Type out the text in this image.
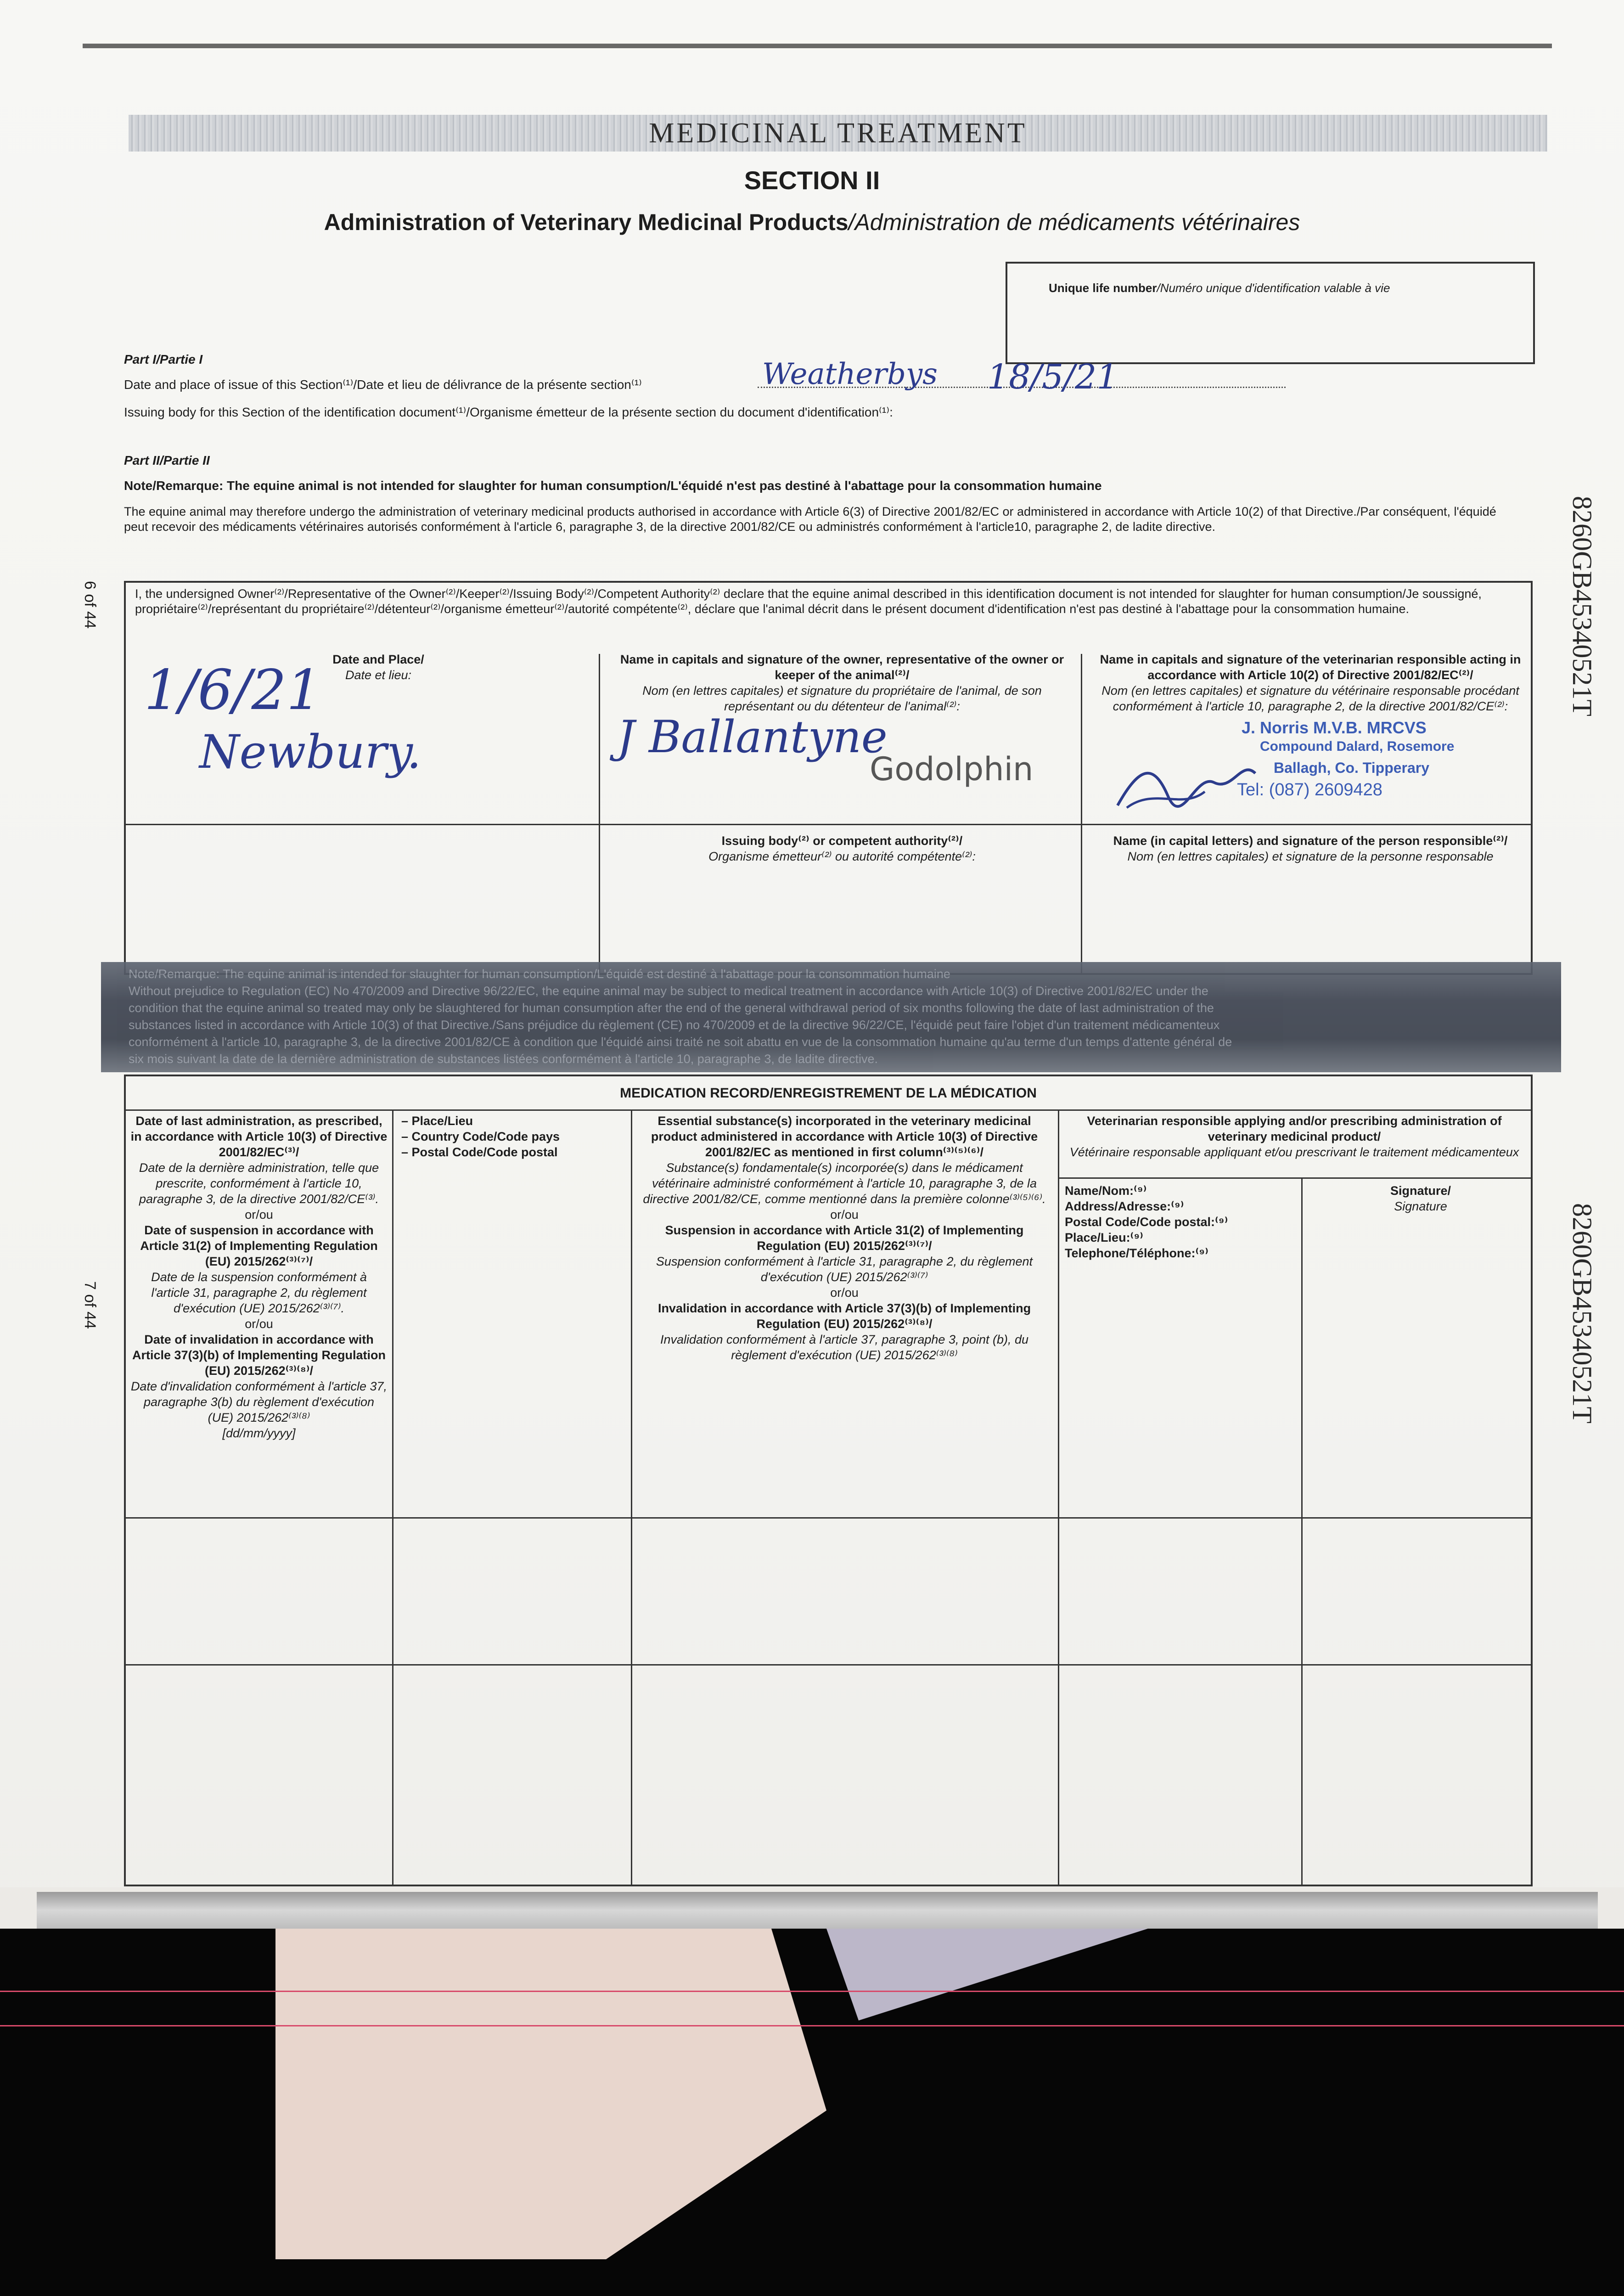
MEDICINAL TREATMENT
SECTION II
Administration of Veterinary Medicinal Products/Administration de médicaments vétérinaires
Unique life number/Numéro unique d'identification valable à vie
Part I/Partie I
Date and place of issue of this Section⁽¹⁾/Date et lieu de délivrance de la présente section⁽¹⁾	Weatherbys 18/5/21
Issuing body for this Section of the identification document⁽¹⁾/Organisme émetteur de la présente section du document d'identification⁽¹⁾:
Part II/Partie II
Note/Remarque: The equine animal is not intended for slaughter for human consumption/L'équidé n'est pas destiné à l'abattage pour la consommation humaine
The equine animal may therefore undergo the administration of veterinary medicinal products authorised in accordance with Article 6(3) of Directive 2001/82/EC or administered in accordance with Article 10(2) of that Directive./Par conséquent, l'équidé peut recevoir des médicaments vétérinaires autorisés conformément à l'article 6, paragraphe 3, de la directive 2001/82/CE ou administrés conformément à l'article10, paragraphe 2, de ladite directive.
I, the undersigned Owner⁽²⁾/Representative of the Owner⁽²⁾/Keeper⁽²⁾/Issuing Body⁽²⁾/Competent Authority⁽²⁾ declare that the equine animal described in this identification document is not intended for slaughter for human consumption/Je soussigné, propriétaire⁽²⁾/représentant du propriétaire⁽²⁾/détenteur⁽²⁾/organisme émetteur⁽²⁾/autorité compétente⁽²⁾, déclare que l'animal décrit dans le présent document d'identification n'est pas destiné à l'abattage pour la consommation humaine.
Date and Place/
Date et lieu:
Name in capitals and signature of the owner, representative of the owner or keeper of the animal⁽²⁾/
Nom (en lettres capitales) et signature du propriétaire de l'animal, de son représentant ou du détenteur de l'animal⁽²⁾:
Name in capitals and signature of the veterinarian responsible acting in accordance with Article 10(2) of Directive 2001/82/EC⁽²⁾/
Nom (en lettres capitales) et signature du vétérinaire responsable procédant conformément à l'article 10, paragraphe 2, de la directive 2001/82/CE⁽²⁾:
1/6/21
Newbury.	J Ballantyne
Godolphin
J. Norris M.V.B. MRCVS
Compound Dalard, Rosemore
Ballagh, Co. Tipperary
Tel: (087) 2609428
Issuing body⁽²⁾ or competent authority⁽²⁾/
Organisme émetteur⁽²⁾ ou autorité compétente⁽²⁾:
Name (in capital letters) and signature of the person responsible⁽²⁾/
Nom (en lettres capitales) et signature de la personne responsable

Note/Remarque: The equine animal is intended for slaughter for human consumption/L'équidé est destiné à l'abattage pour la consommation humaine

Without prejudice to Regulation (EC) No 470/2009 and Directive 96/22/EC, the equine animal may be subject to medical treatment in accordance with Article 10(3) of Directive 2001/82/EC under the

condition that the equine animal so treated may only be slaughtered for human consumption after the end of the general withdrawal period of six months following the date of last administration of the

substances listed in accordance with Article 10(3) of that Directive./Sans préjudice du règlement (CE) no 470/2009 et de la directive 96/22/CE, l'équidé peut faire l'objet d'un traitement médicamenteux

conformément à l'article 10, paragraphe 3, de la directive 2001/82/CE à condition que l'équidé ainsi traité ne soit abattu en vue de la consommation humaine qu'au terme d'un temps d'attente général de

six mois suivant la date de la dernière administration de substances listées conformément à l'article 10, paragraphe 3, de ladite directive.

MEDICATION RECORD/ENREGISTREMENT DE LA MÉDICATION
Date of last administration, as prescribed, in accordance with Article 10(3) of Directive 2001/82/EC⁽³⁾/
Date de la dernière administration, telle que prescrite, conformément à l'article 10, paragraphe 3, de la directive 2001/82/CE⁽³⁾.
or/ou
Date of suspension in accordance with Article 31(2) of Implementing Regulation (EU) 2015/262⁽³⁾⁽⁷⁾/
Date de la suspension conformément à l'article 31, paragraphe 2, du règlement d'exécution (UE) 2015/262⁽³⁾⁽⁷⁾.
or/ou
Date of invalidation in accordance with Article 37(3)(b) of Implementing Regulation (EU) 2015/262⁽³⁾⁽⁸⁾/
Date d'invalidation conformément à l'article 37, paragraphe 3(b) du règlement d'exécution (UE) 2015/262⁽³⁾⁽⁸⁾
[dd/mm/yyyy]
– Place/Lieu
– Country Code/Code pays
– Postal Code/Code postal
Essential substance(s) incorporated in the veterinary medicinal product administered in accordance with Article 10(3) of Directive 2001/82/EC as mentioned in first column⁽³⁾⁽⁵⁾⁽⁶⁾/
Substance(s) fondamentale(s) incorporée(s) dans le médicament vétérinaire administré conformément à l'article 10, paragraphe 3, de la directive 2001/82/CE, comme mentionné dans la première colonne⁽³⁾⁽⁵⁾⁽⁶⁾.
or/ou
Suspension in accordance with Article 31(2) of Implementing Regulation (EU) 2015/262⁽³⁾⁽⁷⁾/
Suspension conformément à l'article 31, paragraphe 2, du règlement d'exécution (UE) 2015/262⁽³⁾⁽⁷⁾
or/ou
Invalidation in accordance with Article 37(3)(b) of Implementing Regulation (EU) 2015/262⁽³⁾⁽⁸⁾/
Invalidation conformément à l'article 37, paragraphe 3, point (b), du règlement d'exécution (UE) 2015/262⁽³⁾⁽⁸⁾
Veterinarian responsible applying and/or prescribing administration of veterinary medicinal product/
Vétérinaire responsable appliquant et/ou prescrivant le traitement médicamenteux
Name/Nom:⁽⁹⁾
Address/Adresse:⁽⁹⁾
Postal Code/Code postal:⁽⁹⁾
Place/Lieu:⁽⁹⁾
Telephone/Téléphone:⁽⁹⁾
Signature/
Signature
8260GB45340521T
8260GB45340521T
6 of 44
7 of 44
